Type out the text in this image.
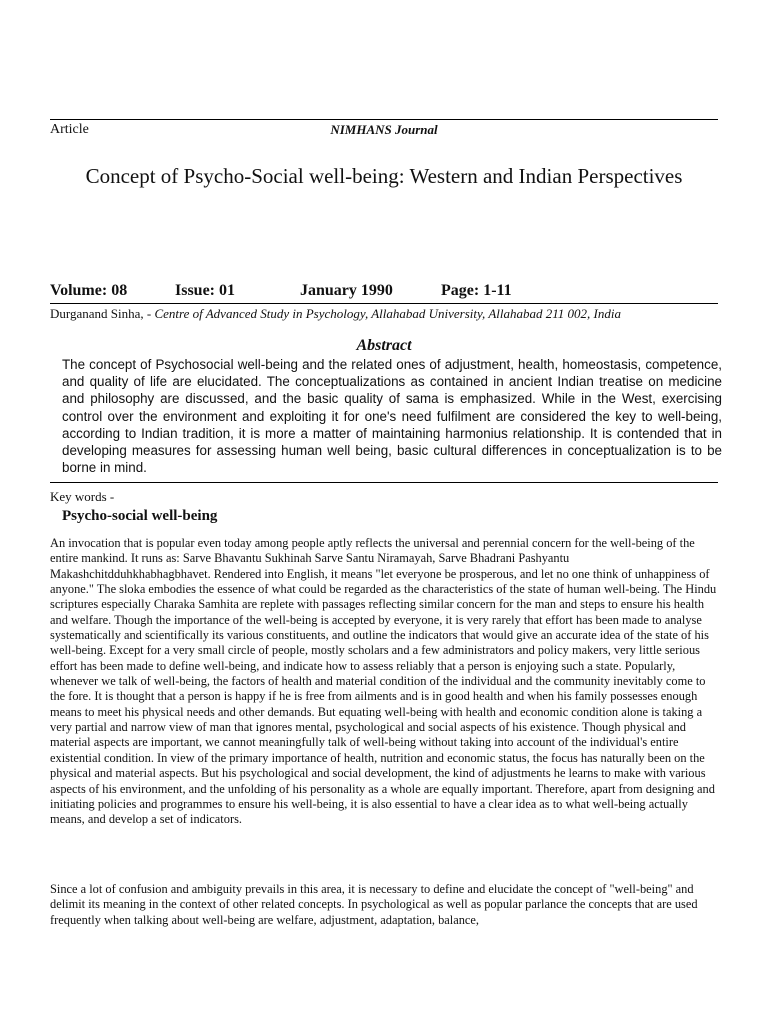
Article	NIMHANS Journal
Concept of Psycho-Social well-being: Western and Indian Perspectives
Volume: 08	Issue: 01	January 1990	Page: 1-11
Durganand Sinha, - Centre of Advanced Study in Psychology, Allahabad University, Allahabad 211 002, India
Abstract

The concept of Psychosocial well-being and the related ones of adjustment, health, homeostasis, competence, and quality of life are elucidated. The conceptualizations as contained in ancient Indian treatise on medicine and philosophy are discussed, and the basic quality of sama is emphasized. While in the West, exercising control over the environment and exploiting it for one's need fulfilment are considered the key to well-being, according to Indian tradition, it is more a matter of maintaining harmonius relationship. It is contended that in developing measures for assessing human well being, basic cultural differences in conceptualization is to be borne in mind.

Key words -
Psycho-social well-being

An invocation that is popular even today among people aptly reflects the universal and perennial concern for the well-being of the entire mankind. It runs as: Sarve Bhavantu Sukhinah Sarve Santu Niramayah, Sarve Bhadrani Pashyantu Makashchitdduhkhabhagbhavet. Rendered into English, it means "let everyone be prosperous, and let no one think of unhappiness of anyone." The sloka embodies the essence of what could be regarded as the characteristics of the state of human well-being. The Hindu scriptures especially Charaka Samhita are replete with passages reflecting similar concern for the man and steps to ensure his health and welfare. Though the importance of the well-being is accepted by everyone, it is very rarely that effort has been made to analyse systematically and scientifically its various constituents, and outline the indicators that would give an accurate idea of the state of his well-being. Except for a very small circle of people, mostly scholars and a few administrators and policy makers, very little serious effort has been made to define well-being, and indicate how to assess reliably that a person is enjoying such a state. Popularly, whenever we talk of well-being, the factors of health and material condition of the individual and the community inevitably come to the fore. It is thought that a person is happy if he is free from ailments and is in good health and when his family possesses enough means to meet his physical needs and other demands. But equating well-being with health and economic condition alone is taking a very partial and narrow view of man that ignores mental, psychological and social aspects of his existence. Though physical and material aspects are important, we cannot meaningfully talk of well-being without taking into account of the individual's entire existential condition. In view of the primary importance of health, nutrition and economic status, the focus has naturally been on the physical and material aspects. But his psychological and social development, the kind of adjustments he learns to make with various aspects of his environment, and the unfolding of his personality as a whole are equally important. Therefore, apart from designing and initiating policies and programmes to ensure his well-being, it is also essential to have a clear idea as to what well-being actually means, and develop a set of indicators.

Since a lot of confusion and ambiguity prevails in this area, it is necessary to define and elucidate the concept of "well-being" and delimit its meaning in the context of other related concepts. In psychological as well as popular parlance the concepts that are used frequently when talking about well-being are welfare, adjustment, adaptation, balance,
